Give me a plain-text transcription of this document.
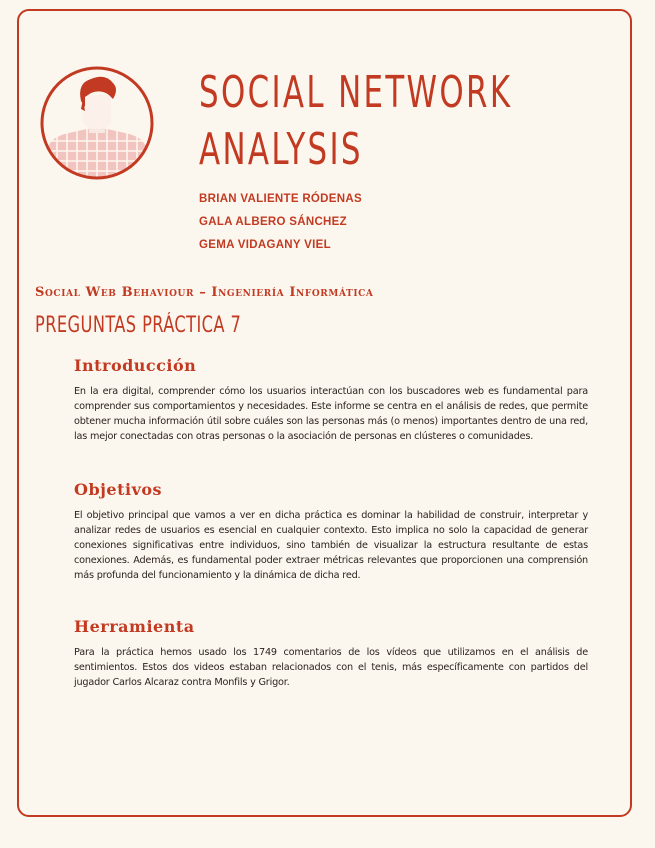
SOCIAL NETWORK
ANALYSIS
BRIAN VALIENTE RÓDENAS
GALA ALBERO SÁNCHEZ
GEMA VIDAGANY VIEL
Social Web Behaviour – Ingeniería Informática
PREGUNTAS PRÁCTICA 7
Introducción

En la era digital, comprender cómo los usuarios interactúan con los buscadores web es fundamental para comprender sus comportamientos y necesidades. Este informe se centra en el análisis de redes, que permite obtener mucha información útil sobre cuáles son las personas más (o menos) importantes dentro de una red, las mejor conectadas con otras personas o la asociación de personas en clústeres o comunidades.

Objetivos

El objetivo principal que vamos a ver en dicha práctica es dominar la habilidad de construir, interpretar y analizar redes de usuarios es esencial en cualquier contexto. Esto implica no solo la capacidad de generar conexiones significativas entre individuos, sino también de visualizar la estructura resultante de estas conexiones. Además, es fundamental poder extraer métricas relevantes que proporcionen una comprensión más profunda del funcionamiento y la dinámica de dicha red.

Herramienta

Para la práctica hemos usado los 1749 comentarios de los vídeos que utilizamos en el análisis de sentimientos. Estos dos videos estaban relacionados con el tenis, más específicamente con partidos del jugador Carlos Alcaraz contra Monfils y Grigor.
